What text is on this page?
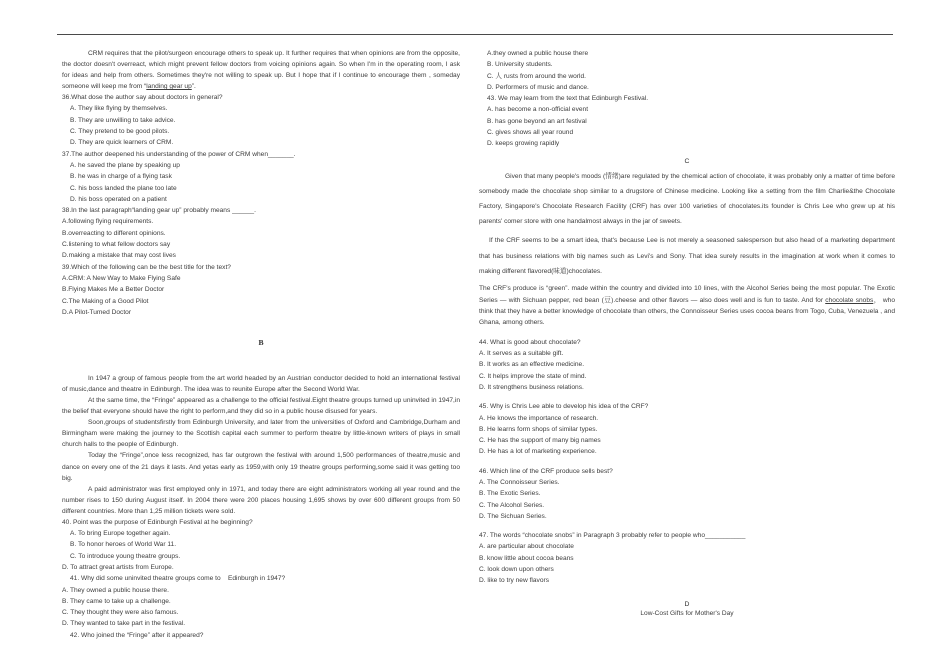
CRM requires that the pilot/surgeon encourage others to speak up. It further requires that when opinions are from the opposite, the doctor doesn't overreact, which might prevent fellow doctors from voicing opinions again. So when I'm in the operating room, I ask for ideas and help from others. Sometimes they're not willing to speak up. But I hope that if I continue to encourage them , someday someone will keep me from “landing gear up”.

36.What dose the author say about doctors in general?

A. They like flying by themselves.

B. They are unwilling to take advice.

C. They pretend to be good pilots.

D. They are quick learners of CRM.

37.The author deepened his understanding of the power of CRM when_______.

A. he saved the plane by speaking up

B. he was in charge of a flying task

C. his boss landed the plane too late

D. his boss operated on a patient

38.In the last paragraph“landing gear up” probably means ______.

A.following flying requirements.

B.overreacting to different opinions.

C.listening to what fellow doctors say

D.making a mistake that may cost lives

39.Which of the following can be the best title for the text?

A.CRM: A New Way to Make Flying Safe

B.Flying Makes Me a Better Doctor

C.The Making of a Good Pilot

D.A Pilot-Tumed Doctor

B

In 1947 a group of famous people from the art world headed by an Austrian conductor decided to hold an international festival of music,dance and theatre in Edinburgh. The idea was to reunite Europe after the Second World War.

At the same time, the “Fringe” appeared as a challenge to the official festival.Eight theatre groups turned up uninvited in 1947,in the belief that everyone should have the right to perform,and they did so in a public house disused for years.

Soon,groups of studentsfirstly from Edinburgh University, and later from the universities of Oxford and Cambridge,Durham and Birmingham were making the journey to the Scottish capital each summer to perform theatre by little-known writers of plays in small church halls to the people of Edinburgh.

Today the “Fringe”,once less recognized, has far outgrown the festival with around 1,500 performances of theatre,music and dance on every one of the 21 days it lasts. And yetas early as 1959,with only 19 theatre groups performing,some said it was getting too big.

A paid administrator was first employed only in 1971, and today there are eight administrators working all year round and the number rises to 150 during August itself. In 2004 there were 200 places housing 1,695 shows by over 600 different groups from 50 different countries. More than 1,25 million tickets were sold.

40. Point was the purpose of Edinburgh Festival at he beginning?

A. To bring Europe together again.

B. To honor heroes of World War 11.

C. To introduce young theatre groups.

D. To attract great artists from Europe.

41. Why did some uninvited theatre groups come to    Edinburgh in 1947?

A. They owned a public house there.

B. They came to take up a challenge.

C. They thought they were also famous.

D. They wanted to take part in the festival.

42. Who joined the “Fringe” after it appeared?

A.they owned a public house there

B. University students.

C. 人 rusts from around the world.

D. Performers of music and dance.

43. We may learn from the text that Edinburgh Festival.

A. has become a non-official event

B. has gone beyond an art festival

C. gives shows all year round

D. keeps growing rapidly

C

Given that many people's moods (情绪)are regulated by the chemical action of chocolate, it was probably only a matter of time before somebody made the chocolate shop similar to a drugstore of Chinese medicine. Looking like a setting from the film Charlie&the Chocolate Factory, Singapore's Chocolate Research Facility (CRF) has over 100 varieties of chocolates.its founder is Chris Lee who grew up at his parents' comer store with one handalmost always in the jar of sweets.

If the CRF seems to be a smart idea, that's because Lee is not merely a seasoned salesperson but also head of a marketing department that has business relations with big names such as Levi's and Sony. That idea surely results in the imagination at work when it comes to making different flavored(味道)chocolates.

The CRF's produce is “green”. made within the country and divided into 10 lines, with the Alcohol Series being the most popular. The Exotic Series — with Sichuan pepper, red bean (豆).cheese and other flavors — also does well and is fun to taste. And for chocolate snobs， who think that they have a better knowledge of chocolate than others, the Connoisseur Series uses cocoa beans from Togo, Cuba, Venezuela , and Ghana, among others.

44. What is good about chocolate?

A. It serves as a suitable gift.

B. It works as an effective medicine.

C. It helps improve the state of mind.

D. It strengthens business relations.

45. Why is Chris Lee able to develop his idea of the CRF?

A. He knows the importance of research.

B. He learns form shops of similar types.

C. He has the support of many big names

D. He has a lot of marketing experience.

46. Which line of the CRF produce sells best?

A. The Connoisseur Series.

B. The Exotic Series.

C. The Alcohol Series.

D. The Sichuan Series.

47. The words “chocolate snobs” in Paragraph 3 probably refer to people who___________

A. are particular about chocolate

B. know little about cocoa beans

C. look down upon others

D. like to try new flavors

D

Low-Cost Gifts for Mother's Day
